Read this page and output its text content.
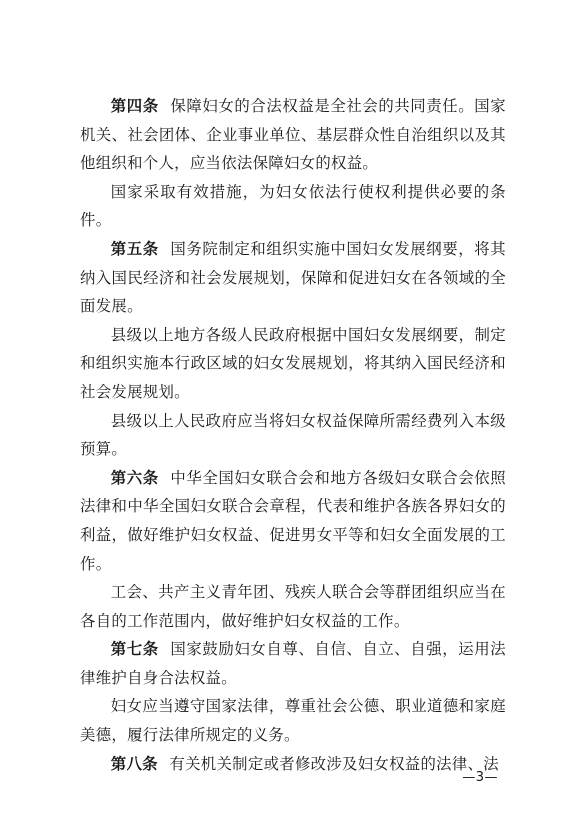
第四条 保障妇女的合法权益是全社会的共同责任。国家机关、社会团体、企业事业单位、基层群众性自治组织以及其他组织和个人，应当依法保障妇女的权益。

国家采取有效措施，为妇女依法行使权利提供必要的条件。

第五条 国务院制定和组织实施中国妇女发展纲要，将其纳入国民经济和社会发展规划，保障和促进妇女在各领域的全面发展。

县级以上地方各级人民政府根据中国妇女发展纲要，制定和组织实施本行政区域的妇女发展规划，将其纳入国民经济和社会发展规划。

县级以上人民政府应当将妇女权益保障所需经费列入本级预算。

第六条 中华全国妇女联合会和地方各级妇女联合会依照法律和中华全国妇女联合会章程，代表和维护各族各界妇女的利益，做好维护妇女权益、促进男女平等和妇女全面发展的工作。

工会、共产主义青年团、残疾人联合会等群团组织应当在各自的工作范围内，做好维护妇女权益的工作。

第七条 国家鼓励妇女自尊、自信、自立、自强，运用法律维护自身合法权益。

妇女应当遵守国家法律，尊重社会公德、职业道德和家庭美德，履行法律所规定的义务。

第八条 有关机关制定或者修改涉及妇女权益的法律、法

—3—
